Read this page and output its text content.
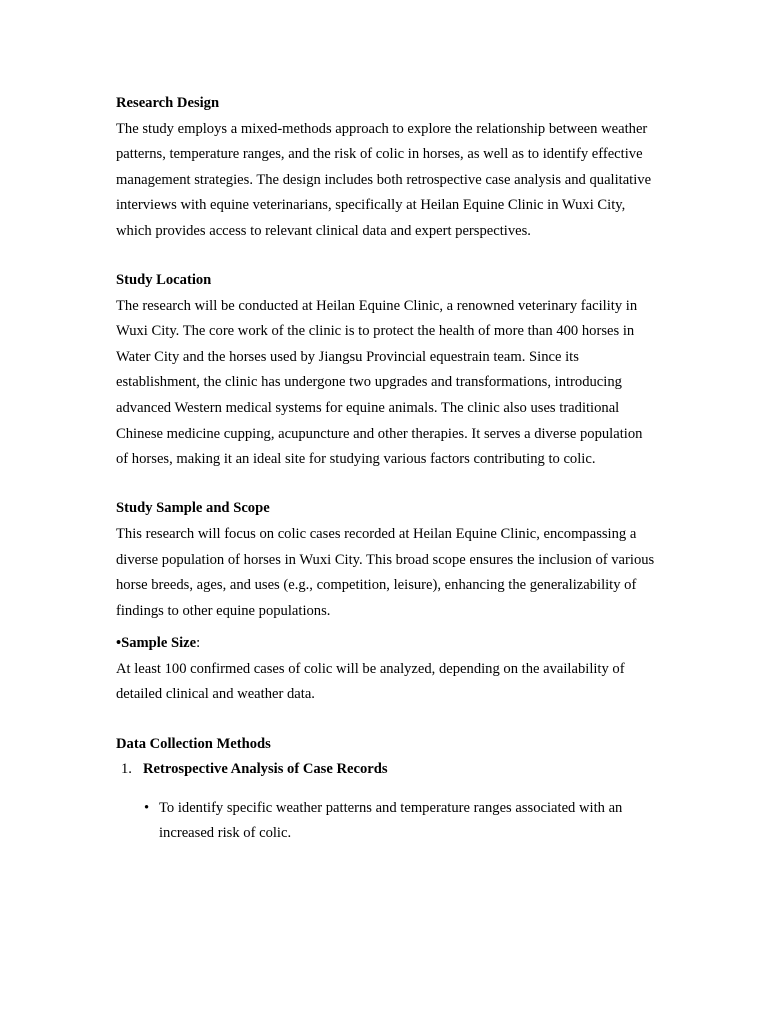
Research Design

The study employs a mixed-methods approach to explore the relationship between weather patterns, temperature ranges, and the risk of colic in horses, as well as to identify effective management strategies. The design includes both retrospective case analysis and qualitative interviews with equine veterinarians, specifically at Heilan Equine Clinic in Wuxi City, which provides access to relevant clinical data and expert perspectives.

Study Location

The research will be conducted at Heilan Equine Clinic, a renowned veterinary facility in Wuxi City. The core work of the clinic is to protect the health of more than 400 horses in Water City and the horses used by Jiangsu Provincial equestrain team. Since its establishment, the clinic has undergone two upgrades and transformations, introducing advanced Western medical systems for equine animals. The clinic also uses traditional Chinese medicine cupping, acupuncture and other therapies. It serves a diverse population of horses, making it an ideal site for studying various factors contributing to colic.

Study Sample and Scope

This research will focus on colic cases recorded at Heilan Equine Clinic, encompassing a diverse population of horses in Wuxi City. This broad scope ensures the inclusion of various horse breeds, ages, and uses (e.g., competition, leisure), enhancing the generalizability of findings to other equine populations.

•Sample Size:

At least 100 confirmed cases of colic will be analyzed, depending on the availability of detailed clinical and weather data.

Data Collection Methods

1. Retrospective Analysis of Case Records
• To identify specific weather patterns and temperature ranges associated with an increased risk of colic.
